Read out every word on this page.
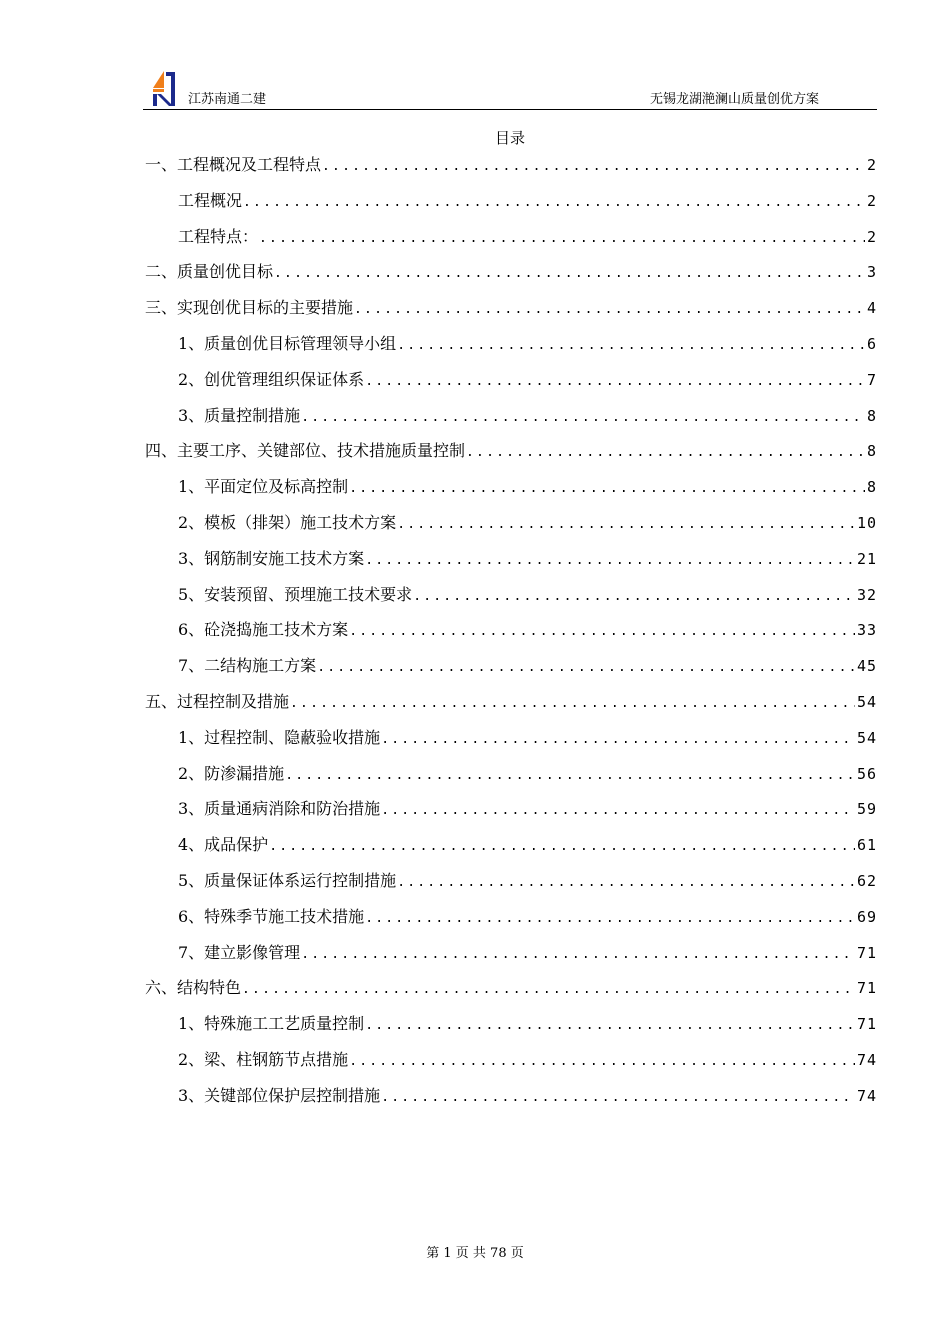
江苏南通二建	无锡龙湖滟澜山质量创优方案
目录
一、工程概况及工程特点 .....	2
工程概况 .....	2
工程特点： .....	2
二、质量创优目标 .....	3
三、实现创优目标的主要措施 .....	4
1、质量创优目标管理领导小组 .....	6
2、创优管理组织保证体系 .....	7
3、质量控制措施 .....	8
四、主要工序、关键部位、技术措施质量控制 .....	8
1、平面定位及标高控制 .....	8
2、模板（排架）施工技术方案 .....	10
3、钢筋制安施工技术方案 .....	21
5、安装预留、预埋施工技术要求 .....	32
6、砼浇捣施工技术方案 .....	33
7、二结构施工方案 .....	45
五、过程控制及措施 .....	54
1、过程控制、隐蔽验收措施 .....	54
2、防渗漏措施 .....	56
3、质量通病消除和防治措施 .....	59
4、成品保护 .....	61
5、质量保证体系运行控制措施 .....	62
6、特殊季节施工技术措施 .....	69
7、建立影像管理 .....	71
六、结构特色 .....	71
1、特殊施工工艺质量控制 .....	71
2、梁、柱钢筋节点措施 .....	74
3、关键部位保护层控制措施 .....	74
第 1 页 共 78 页
